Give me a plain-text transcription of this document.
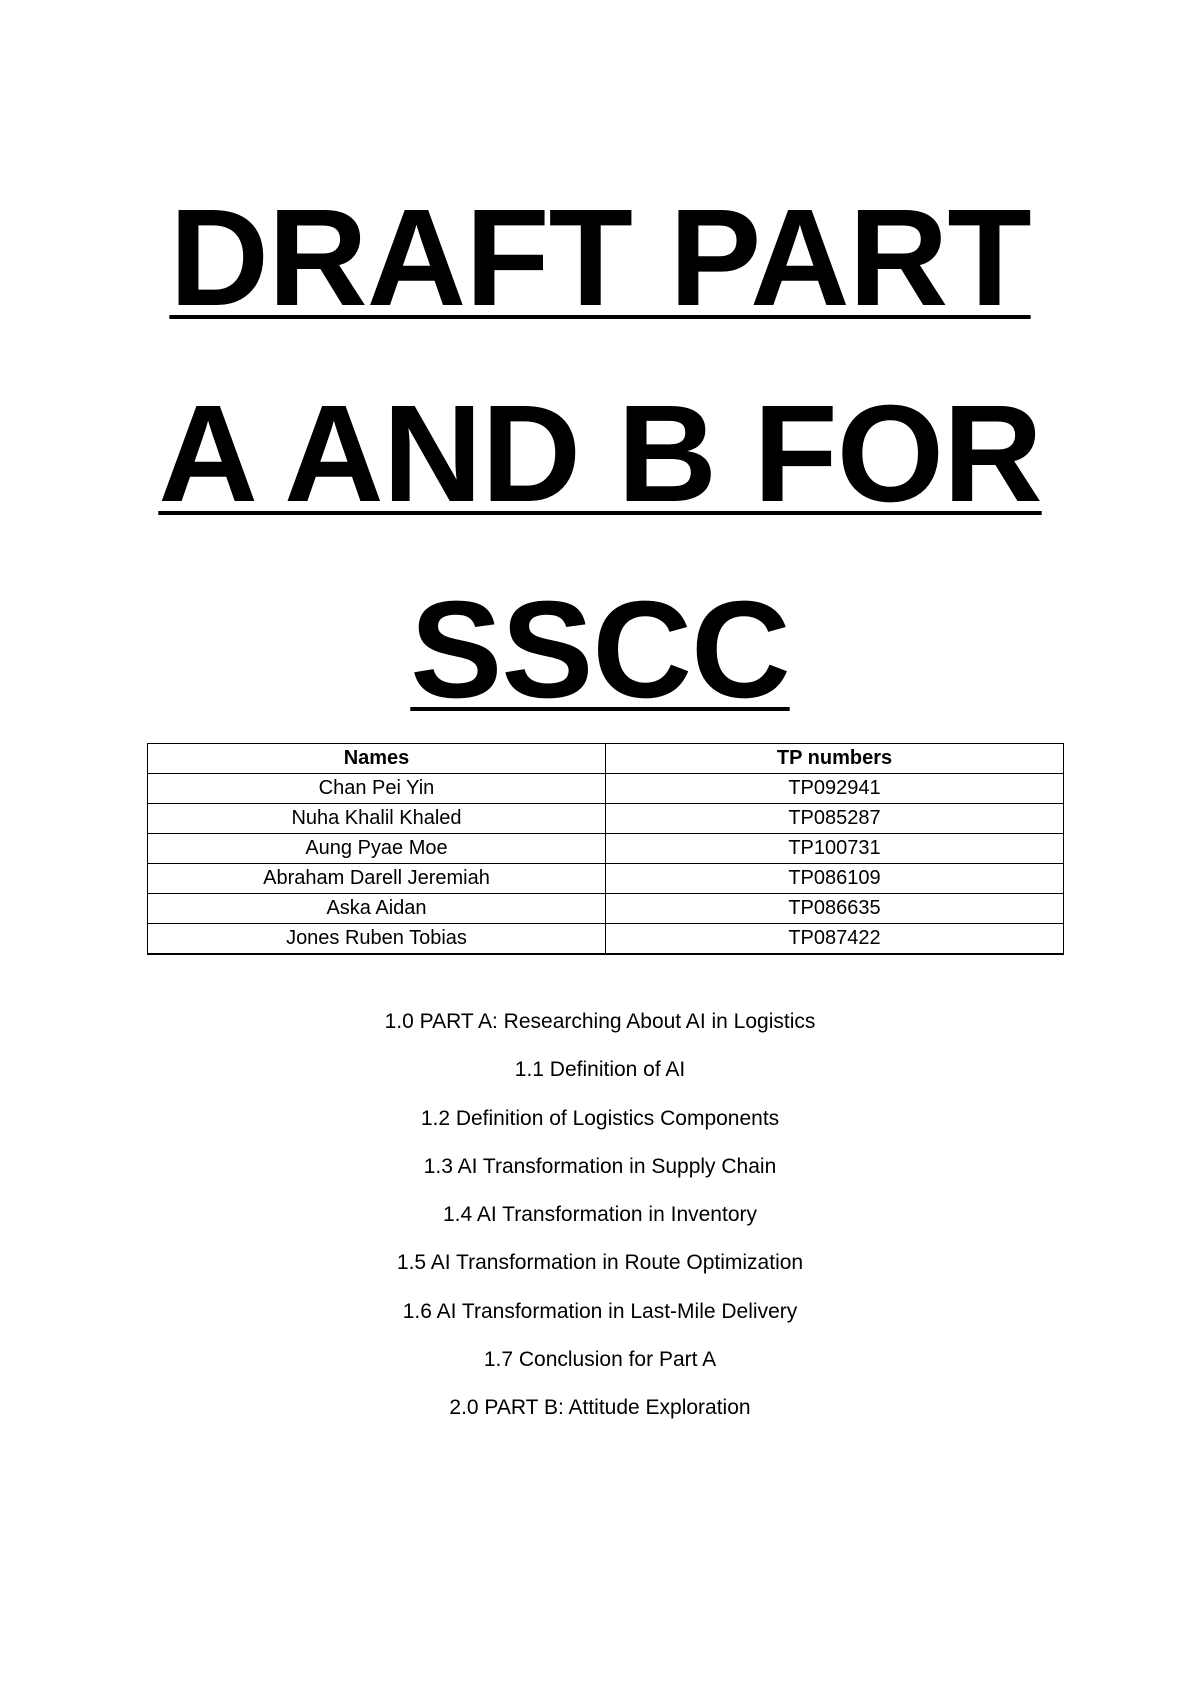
DRAFT PART
A AND B FOR
SSCC
Names	TP numbers
Chan Pei Yin	TP092941
Nuha Khalil Khaled	TP085287
Aung Pyae Moe	TP100731
Abraham Darell Jeremiah	TP086109
Aska Aidan	TP086635
Jones Ruben Tobias	TP087422
1.0 PART A: Researching About AI in Logistics
1.1 Definition of AI
1.2 Definition of Logistics Components
1.3 AI Transformation in Supply Chain
1.4 AI Transformation in Inventory
1.5 AI Transformation in Route Optimization
1.6 AI Transformation in Last-Mile Delivery
1.7 Conclusion for Part A
2.0 PART B: Attitude Exploration
